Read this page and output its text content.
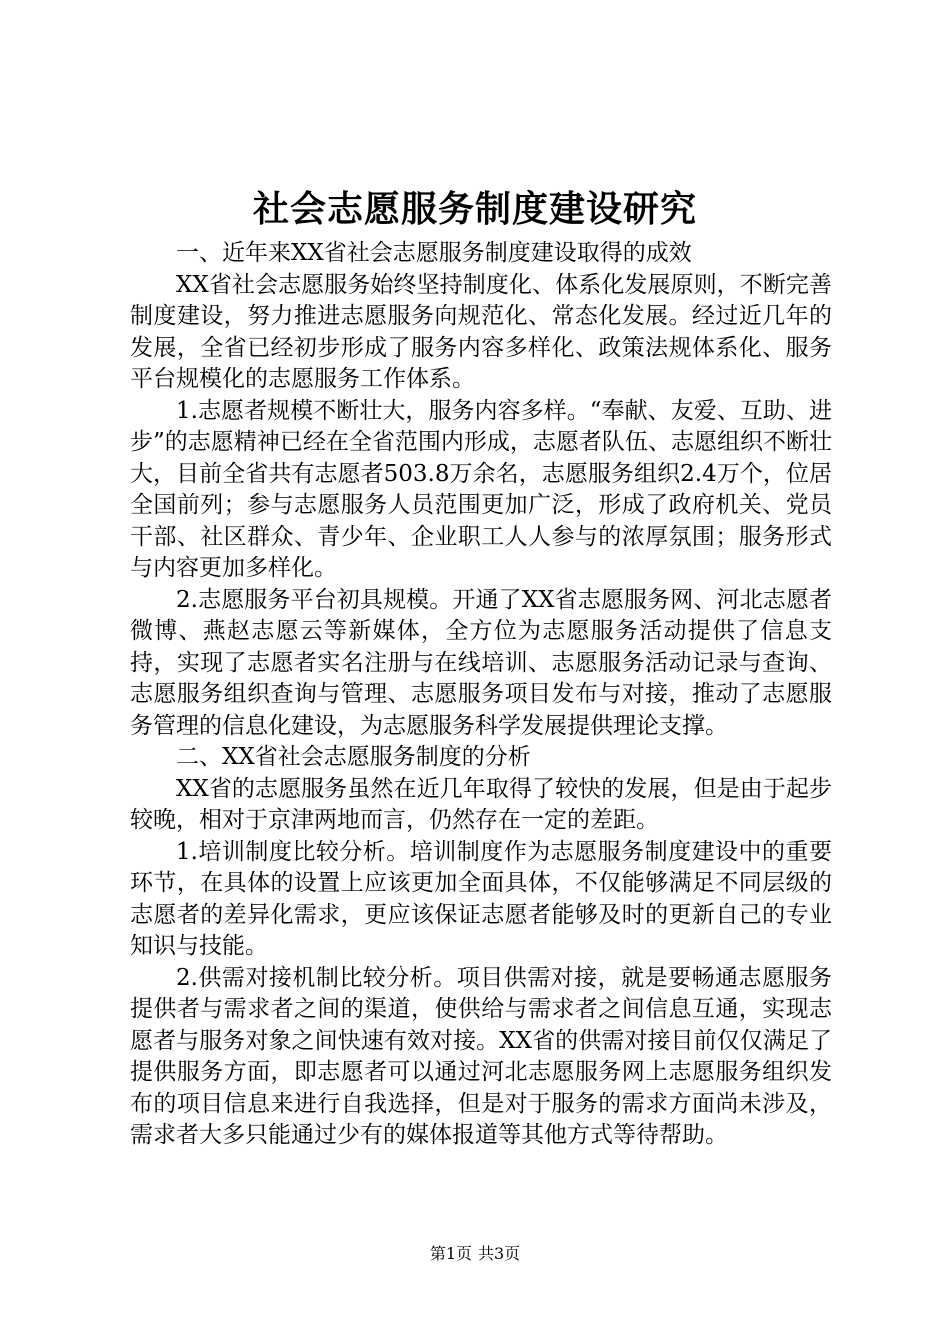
社会志愿服务制度建设研究

一、近年来XX省社会志愿服务制度建设取得的成效

XX省社会志愿服务始终坚持制度化、体系化发展原则，不断完善制度建设，努力推进志愿服务向规范化、常态化发展。经过近几年的发展，全省已经初步形成了服务内容多样化、政策法规体系化、服务平台规模化的志愿服务工作体系。

1.志愿者规模不断壮大，服务内容多样。“奉献、友爱、互助、进步”的志愿精神已经在全省范围内形成，志愿者队伍、志愿组织不断壮大，目前全省共有志愿者503.8万余名，志愿服务组织2.4万个，位居全国前列；参与志愿服务人员范围更加广泛，形成了政府机关、党员干部、社区群众、青少年、企业职工人人参与的浓厚氛围；服务形式与内容更加多样化。

2.志愿服务平台初具规模。开通了XX省志愿服务网、河北志愿者微博、燕赵志愿云等新媒体，全方位为志愿服务活动提供了信息支持，实现了志愿者实名注册与在线培训、志愿服务活动记录与查询、志愿服务组织查询与管理、志愿服务项目发布与对接，推动了志愿服务管理的信息化建设，为志愿服务科学发展提供理论支撑。

二、XX省社会志愿服务制度的分析

XX省的志愿服务虽然在近几年取得了较快的发展，但是由于起步较晚，相对于京津两地而言，仍然存在一定的差距。

1.培训制度比较分析。培训制度作为志愿服务制度建设中的重要环节，在具体的设置上应该更加全面具体，不仅能够满足不同层级的志愿者的差异化需求，更应该保证志愿者能够及时的更新自己的专业知识与技能。

2.供需对接机制比较分析。项目供需对接，就是要畅通志愿服务提供者与需求者之间的渠道，使供给与需求者之间信息互通，实现志愿者与服务对象之间快速有效对接。XX省的供需对接目前仅仅满足了提供服务方面，即志愿者可以通过河北志愿服务网上志愿服务组织发布的项目信息来进行自我选择，但是对于服务的需求方面尚未涉及，需求者大多只能通过少有的媒体报道等其他方式等待帮助。

第1页 共3页
